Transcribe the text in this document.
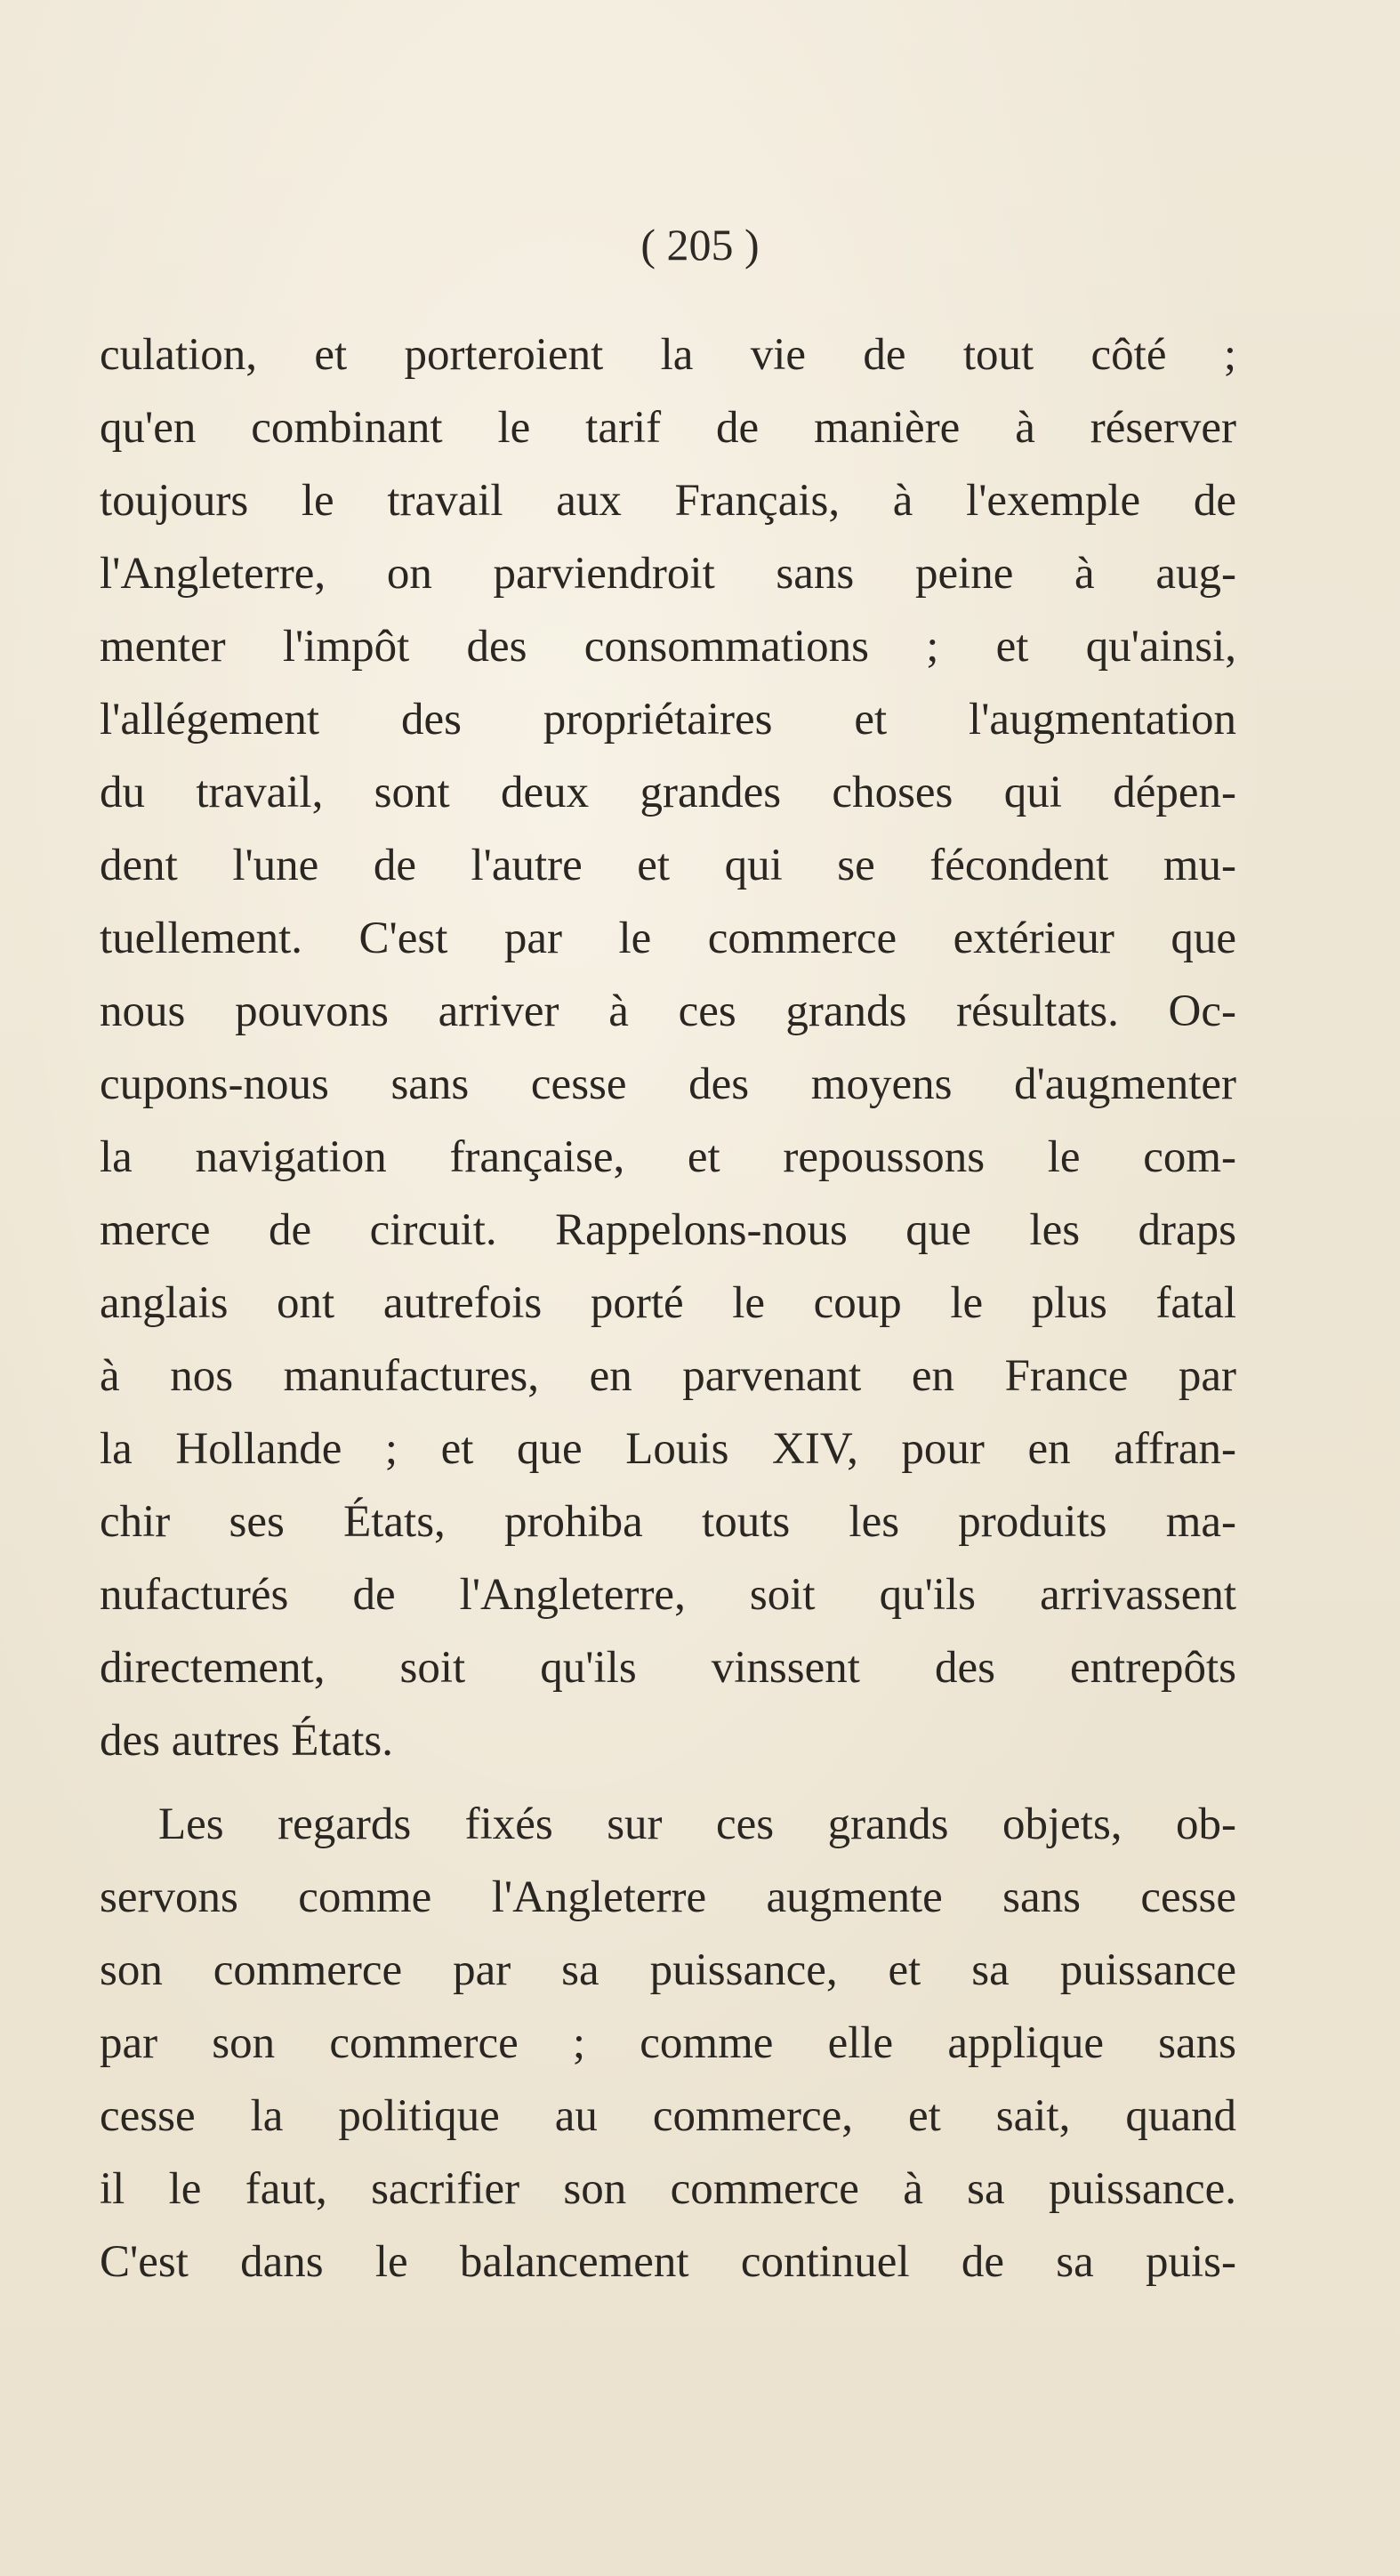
( 205 )

culation, et porteroient la vie de tout côté ;
qu'en combinant le tarif de manière à réserver
toujours le travail aux Français, à l'exemple de
l'Angleterre, on parviendroit sans peine à aug-
menter l'impôt des consommations ; et qu'ainsi,
l'allégement des propriétaires et l'augmentation
du travail, sont deux grandes choses qui dépen-
dent l'une de l'autre et qui se fécondent mu-
tuellement. C'est par le commerce extérieur que
nous pouvons arriver à ces grands résultats. Oc-
cupons-nous sans cesse des moyens d'augmenter
la navigation française, et repoussons le com-
merce de circuit. Rappelons-nous que les draps
anglais ont autrefois porté le coup le plus fatal
à nos manufactures, en parvenant en France par
la Hollande ; et que Louis XIV, pour en affran-
chir ses États, prohiba touts les produits ma-
nufacturés de l'Angleterre, soit qu'ils arrivassent
directement, soit qu'ils vinssent des entrepôts
des autres États.
Les regards fixés sur ces grands objets, ob-
servons comme l'Angleterre augmente sans cesse
son commerce par sa puissance, et sa puissance
par son commerce ; comme elle applique sans
cesse la politique au commerce, et sait, quand
il le faut, sacrifier son commerce à sa puissance.
C'est dans le balancement continuel de sa puis-
